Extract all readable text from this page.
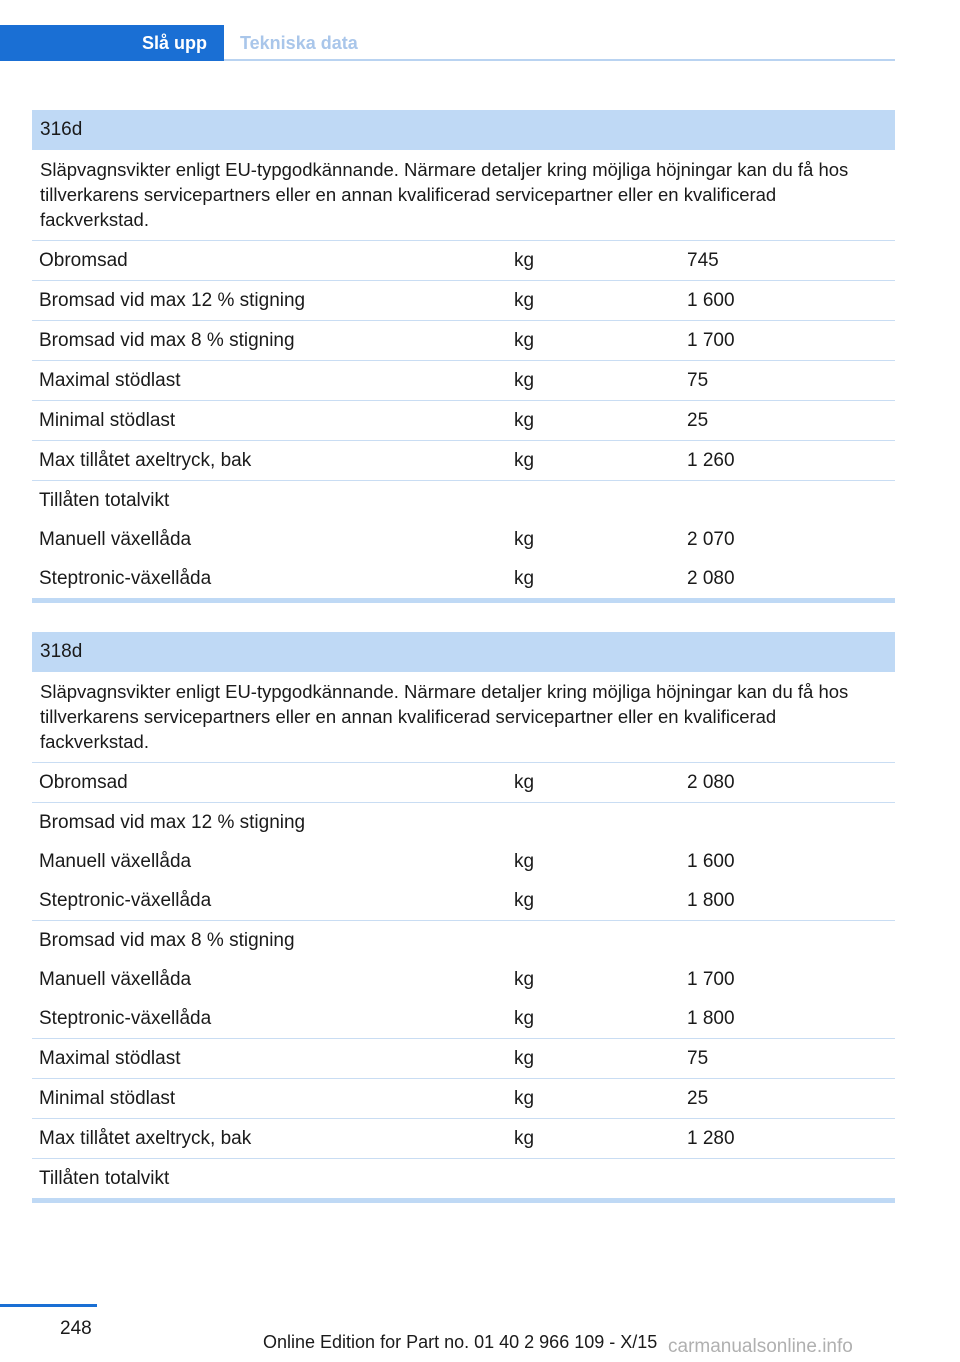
Slå upp Tekniska data
316d
Släpvagnsvikter enligt EU-typgodkännande. Närmare detaljer kring möjliga höjningar kan du få hos tillverkarens servicepartners eller en annan kvalificerad servicepartner eller en kvalificerad fackverkstad.
Obromsad	kg	745
Bromsad vid max 12 % stigning	kg	1 600
Bromsad vid max 8 % stigning	kg	1 700
Maximal stödlast	kg	75
Minimal stödlast	kg	25
Max tillåtet axeltryck, bak	kg	1 260
Tillåten totalvikt
Manuell växellåda	kg	2 070
Steptronic-växellåda	kg	2 080
318d
Släpvagnsvikter enligt EU-typgodkännande. Närmare detaljer kring möjliga höjningar kan du få hos tillverkarens servicepartners eller en annan kvalificerad servicepartner eller en kvalificerad fackverkstad.
Obromsad	kg	2 080
Bromsad vid max 12 % stigning
Manuell växellåda	kg	1 600
Steptronic-växellåda	kg	1 800
Bromsad vid max 8 % stigning
Manuell växellåda	kg	1 700
Steptronic-växellåda	kg	1 800
Maximal stödlast	kg	75
Minimal stödlast	kg	25
Max tillåtet axeltryck, bak	kg	1 280
Tillåten totalvikt
248
Online Edition for Part no. 01 40 2 966 109 - X/15 carmanualsonline.info
